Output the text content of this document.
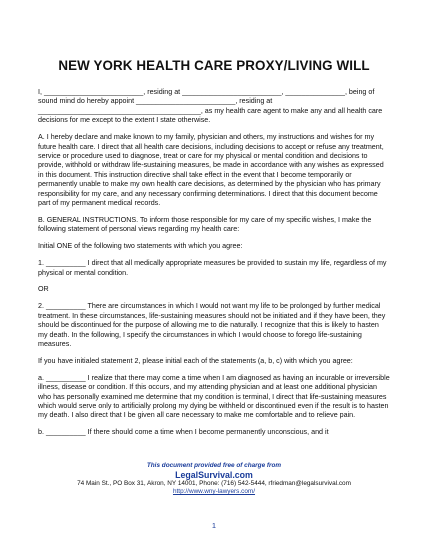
NEW YORK HEALTH CARE PROXY/LIVING WILL

I, _________________________, residing at _________________________, _______________, being of sound mind do hereby appoint _________________________, residing at _________________________________________, as my health care agent to make any and all health care decisions for me except to the extent I state otherwise.

A. I hereby declare and make known to my family, physician and others, my instructions and wishes for my future health care. I direct that all health care decisions, including decisions to accept or refuse any treatment, service or procedure used to diagnose, treat or care for my physical or mental condition and decisions to provide, withhold or withdraw life-sustaining measures, be made in accordance with any wishes as expressed in this document. This instruction directive shall take effect in the event that I become temporarily or permanently unable to make my own health care decisions, as determined by the physician who has primary responsibility for my care, and any necessary confirming determinations. I direct that this document become part of my permanent medical records.

B. GENERAL INSTRUCTIONS. To inform those responsible for my care of my specific wishes, I make the following statement of personal views regarding my health care:

Initial ONE of the following two statements with which you agree:

1. __________ I direct that all medically appropriate measures be provided to sustain my life, regardless of my physical or mental condition.

OR

2. __________ There are circumstances in which I would not want my life to be prolonged by further medical treatment. In these circumstances, life-sustaining measures should not be initiated and if they have been, they should be discontinued for the purpose of allowing me to die naturally. I recognize that this is likely to hasten my death. In the following, I specify the circumstances in which I would choose to forego life-sustaining measures.

If you have initialed statement 2, please initial each of the statements (a, b, c) with which you agree:

a. __________ I realize that there may come a time when I am diagnosed as having an incurable or irreversible illness, disease or condition. If this occurs, and my attending physician and at least one additional physician who has personally examined me determine that my condition is terminal, I direct that life-sustaining measures which would serve only to artificially prolong my dying be withheld or discontinued even if the result is to hasten my death. I also direct that I be given all care necessary to make me comfortable and to relieve pain.

b. __________ If there should come a time when I become permanently unconscious, and it

This document provided free of charge from
LegalSurvival.com
74 Main St., PO Box 31, Akron, NY 14001, Phone: (716) 542-5444, rfriedman@legalsurvival.com
http://www.wny-lawyers.com/
1
